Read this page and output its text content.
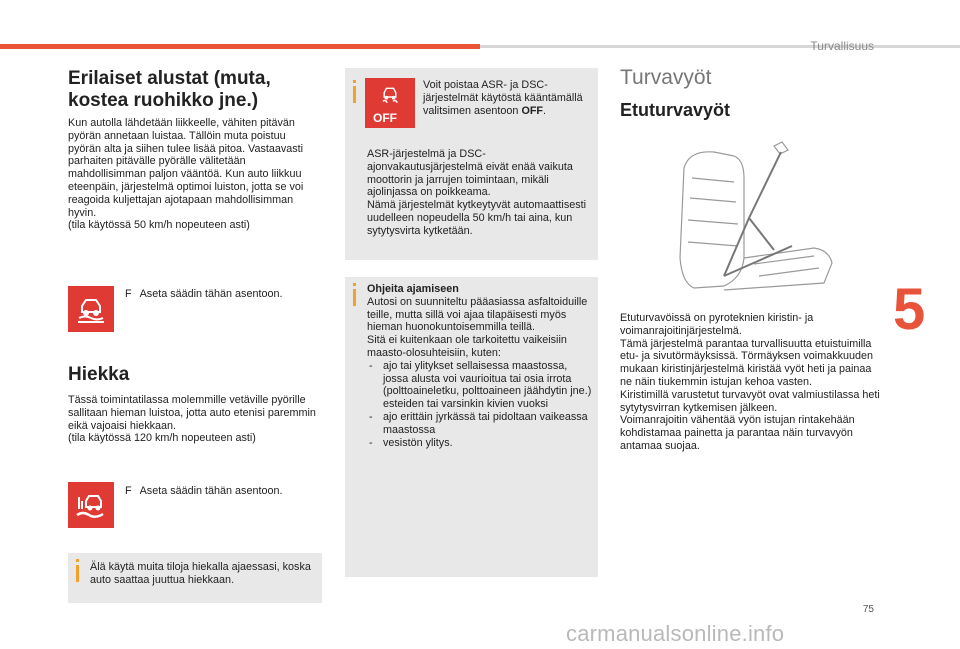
Turvallisuus
5
Erilaiset alustat (muta, kostea ruohikko jne.)
Kun autolla lähdetään liikkeelle, vähiten pitävän pyörän annetaan luistaa. Tällöin muta poistuu pyörän alta ja siihen tulee lisää pitoa. Vastaavasti parhaiten pitävälle pyörälle välitetään mahdollisimman paljon vääntöä. Kun auto liikkuu eteenpäin, järjestelmä optimoi luiston, jotta se voi reagoida kuljettajan ajotapaan mahdollisimman hyvin.
(tila käytössä 50 km/h nopeuteen asti)
F Aseta säädin tähän asentoon.
Hiekka
Tässä toimintatilassa molemmille vetäville pyörille sallitaan hieman luistoa, jotta auto etenisi paremmin eikä vajoaisi hiekkaan.
(tila käytössä 120 km/h nopeuteen asti)
F Aseta säädin tähän asentoon.
Älä käytä muita tiloja hiekalla ajaessasi, koska auto saattaa juuttua hiekkaan.
OFF
Voit poistaa ASR- ja DSC-järjestelmät käytöstä kääntämällä valitsimen asentoon OFF.
ASR-järjestelmä ja DSC-ajonvakautusjärjestelmä eivät enää vaikuta moottorin ja jarrujen toimintaan, mikäli ajolinjassa on poikkeama.
Nämä järjestelmät kytkeytyvät automaattisesti uudelleen nopeudella 50 km/h tai aina, kun sytytysvirta kytketään.
Ohjeita ajamiseen
Autosi on suunniteltu pääasiassa asfaltoiduille teille, mutta sillä voi ajaa tilapäisesti myös hieman huonokuntoisemmilla teillä.
Sitä ei kuitenkaan ole tarkoitettu vaikeisiin maasto-olosuhteisiin, kuten:
- ajo tai ylitykset sellaisessa maastossa, jossa alusta voi vaurioitua tai osia irrota (polttoaineletku, polttoaineen jäähdytin jne.) esteiden tai varsinkin kivien vuoksi
- ajo erittäin jyrkässä tai pidoltaan vaikeassa maastossa
- vesistön ylitys.
Turvavyöt
Etuturvavyöt
Etuturvavöissä on pyroteknien kiristin- ja voimanrajoitinjärjestelmä.
Tämä järjestelmä parantaa turvallisuutta etuistuimilla etu- ja sivutörmäyksissä. Törmäyksen voimakkuuden mukaan kiristinjärjestelmä kiristää vyöt heti ja painaa ne näin tiukemmin istujan kehoa vasten.
Kiristimillä varustetut turvavyöt ovat valmiustilassa heti sytytysvirran kytkemisen jälkeen.
Voimanrajoitin vähentää vyön istujan rintakehään kohdistamaa painetta ja parantaa näin turvavyön antamaa suojaa.
75
carmanualsonline.info
